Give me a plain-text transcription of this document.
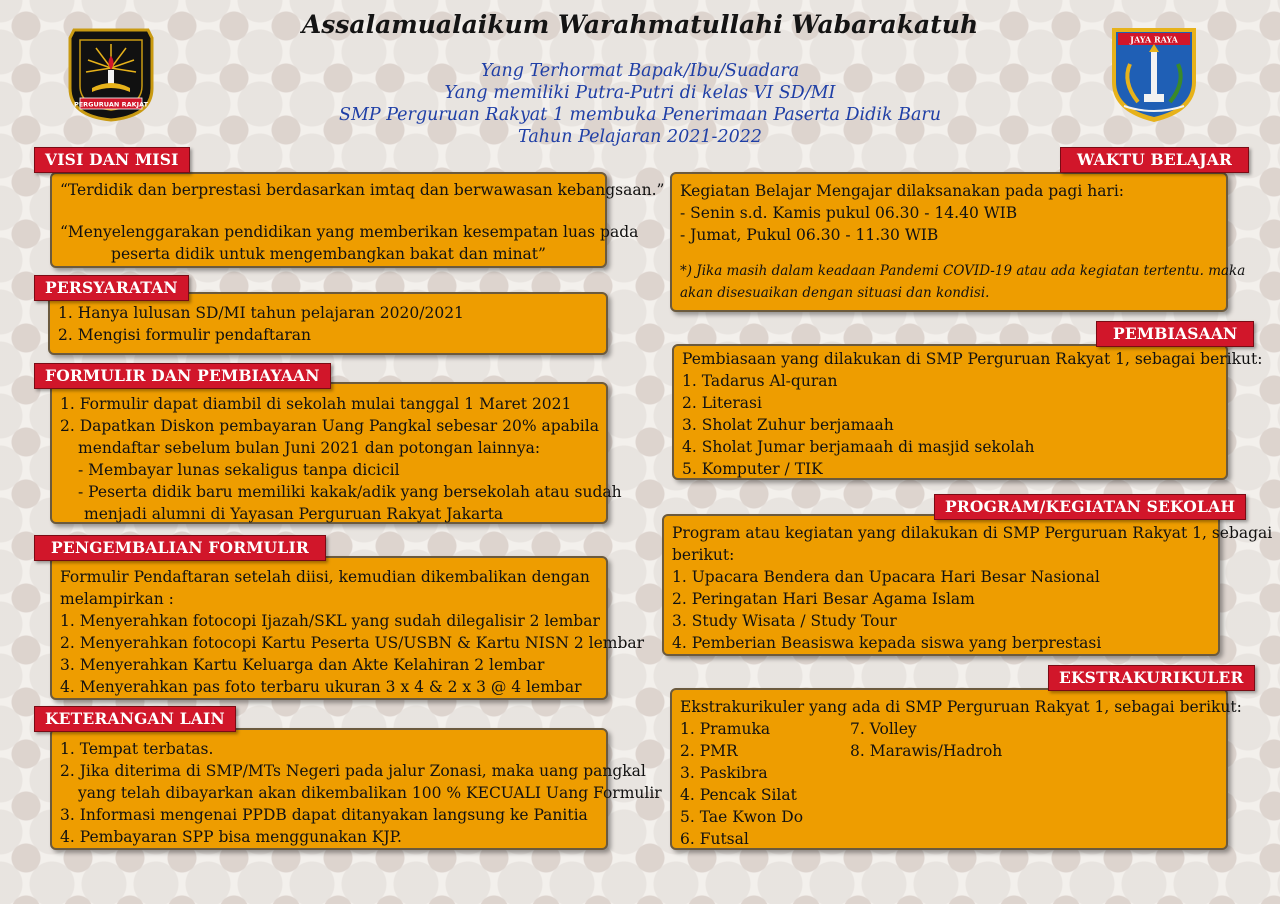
Assalamualaikum Warahmatullahi Wabarakatuh
Yang Terhormat Bapak/Ibu/Suadara
Yang memiliki Putra-Putri di kelas VI SD/MI
SMP Perguruan Rakyat 1 membuka Penerimaan Paserta Didik Baru
Tahun Pelajaran 2021-2022
PERGURUAN RAKJAT
JAYA RAYA
“Terdidik dan berprestasi berdasarkan imtaq dan berwawasan kebangsaan.”
“Menyelenggarakan pendidikan yang memberikan kesempatan luas pada
peserta didik untuk mengembangkan bakat dan minat”
VISI DAN MISI
1. Hanya lulusan SD/MI tahun pelajaran 2020/2021
2. Mengisi formulir pendaftaran
PERSYARATAN
1. Formulir dapat diambil di sekolah mulai tanggal 1 Maret 2021
2. Dapatkan Diskon pembayaran Uang Pangkal sebesar 20% apabila
mendaftar sebelum bulan Juni 2021 dan potongan lainnya:
- Membayar lunas sekaligus tanpa dicicil
- Peserta didik baru memiliki kakak/adik yang bersekolah atau sudah
menjadi alumni di Yayasan Perguruan Rakyat Jakarta
FORMULIR DAN PEMBIAYAAN
Formulir Pendaftaran setelah diisi, kemudian dikembalikan dengan
melampirkan :
1. Menyerahkan fotocopi Ijazah/SKL yang sudah dilegalisir 2 lembar
2. Menyerahkan fotocopi Kartu Peserta US/USBN & Kartu NISN 2 lembar
3. Menyerahkan Kartu Keluarga dan Akte Kelahiran 2 lembar
4. Menyerahkan pas foto terbaru ukuran 3 x 4 & 2 x 3 @ 4 lembar
PENGEMBALIAN FORMULIR
1. Tempat terbatas.
2. Jika diterima di SMP/MTs Negeri pada jalur Zonasi, maka uang pangkal
yang telah dibayarkan akan dikembalikan 100 % KECUALI Uang Formulir
3. Informasi mengenai PPDB dapat ditanyakan langsung ke Panitia
4. Pembayaran SPP bisa menggunakan KJP.
KETERANGAN LAIN
Kegiatan Belajar Mengajar dilaksanakan pada pagi hari:
- Senin s.d. Kamis pukul 06.30 - 14.40 WIB
- Jumat, Pukul 06.30 - 11.30 WIB
*) Jika masih dalam keadaan Pandemi COVID-19 atau ada kegiatan tertentu. maka
akan disesuaikan dengan situasi dan kondisi.
WAKTU BELAJAR
Pembiasaan yang dilakukan di SMP Perguruan Rakyat 1, sebagai berikut:
1. Tadarus Al-quran
2. Literasi
3. Sholat Zuhur berjamaah
4. Sholat Jumar berjamaah di masjid sekolah
5. Komputer / TIK
PEMBIASAAN
Program atau kegiatan yang dilakukan di SMP Perguruan Rakyat 1, sebagai
berikut:
1. Upacara Bendera dan Upacara Hari Besar Nasional
2. Peringatan Hari Besar Agama Islam
3. Study Wisata / Study Tour
4. Pemberian Beasiswa kepada siswa yang berprestasi
PROGRAM/KEGIATAN SEKOLAH
Ekstrakurikuler yang ada di SMP Perguruan Rakyat 1, sebagai berikut:
1. Pramuka
2. PMR
3. Paskibra
4. Pencak Silat
5. Tae Kwon Do
6. Futsal
7. Volley
8. Marawis/Hadroh
EKSTRAKURIKULER
